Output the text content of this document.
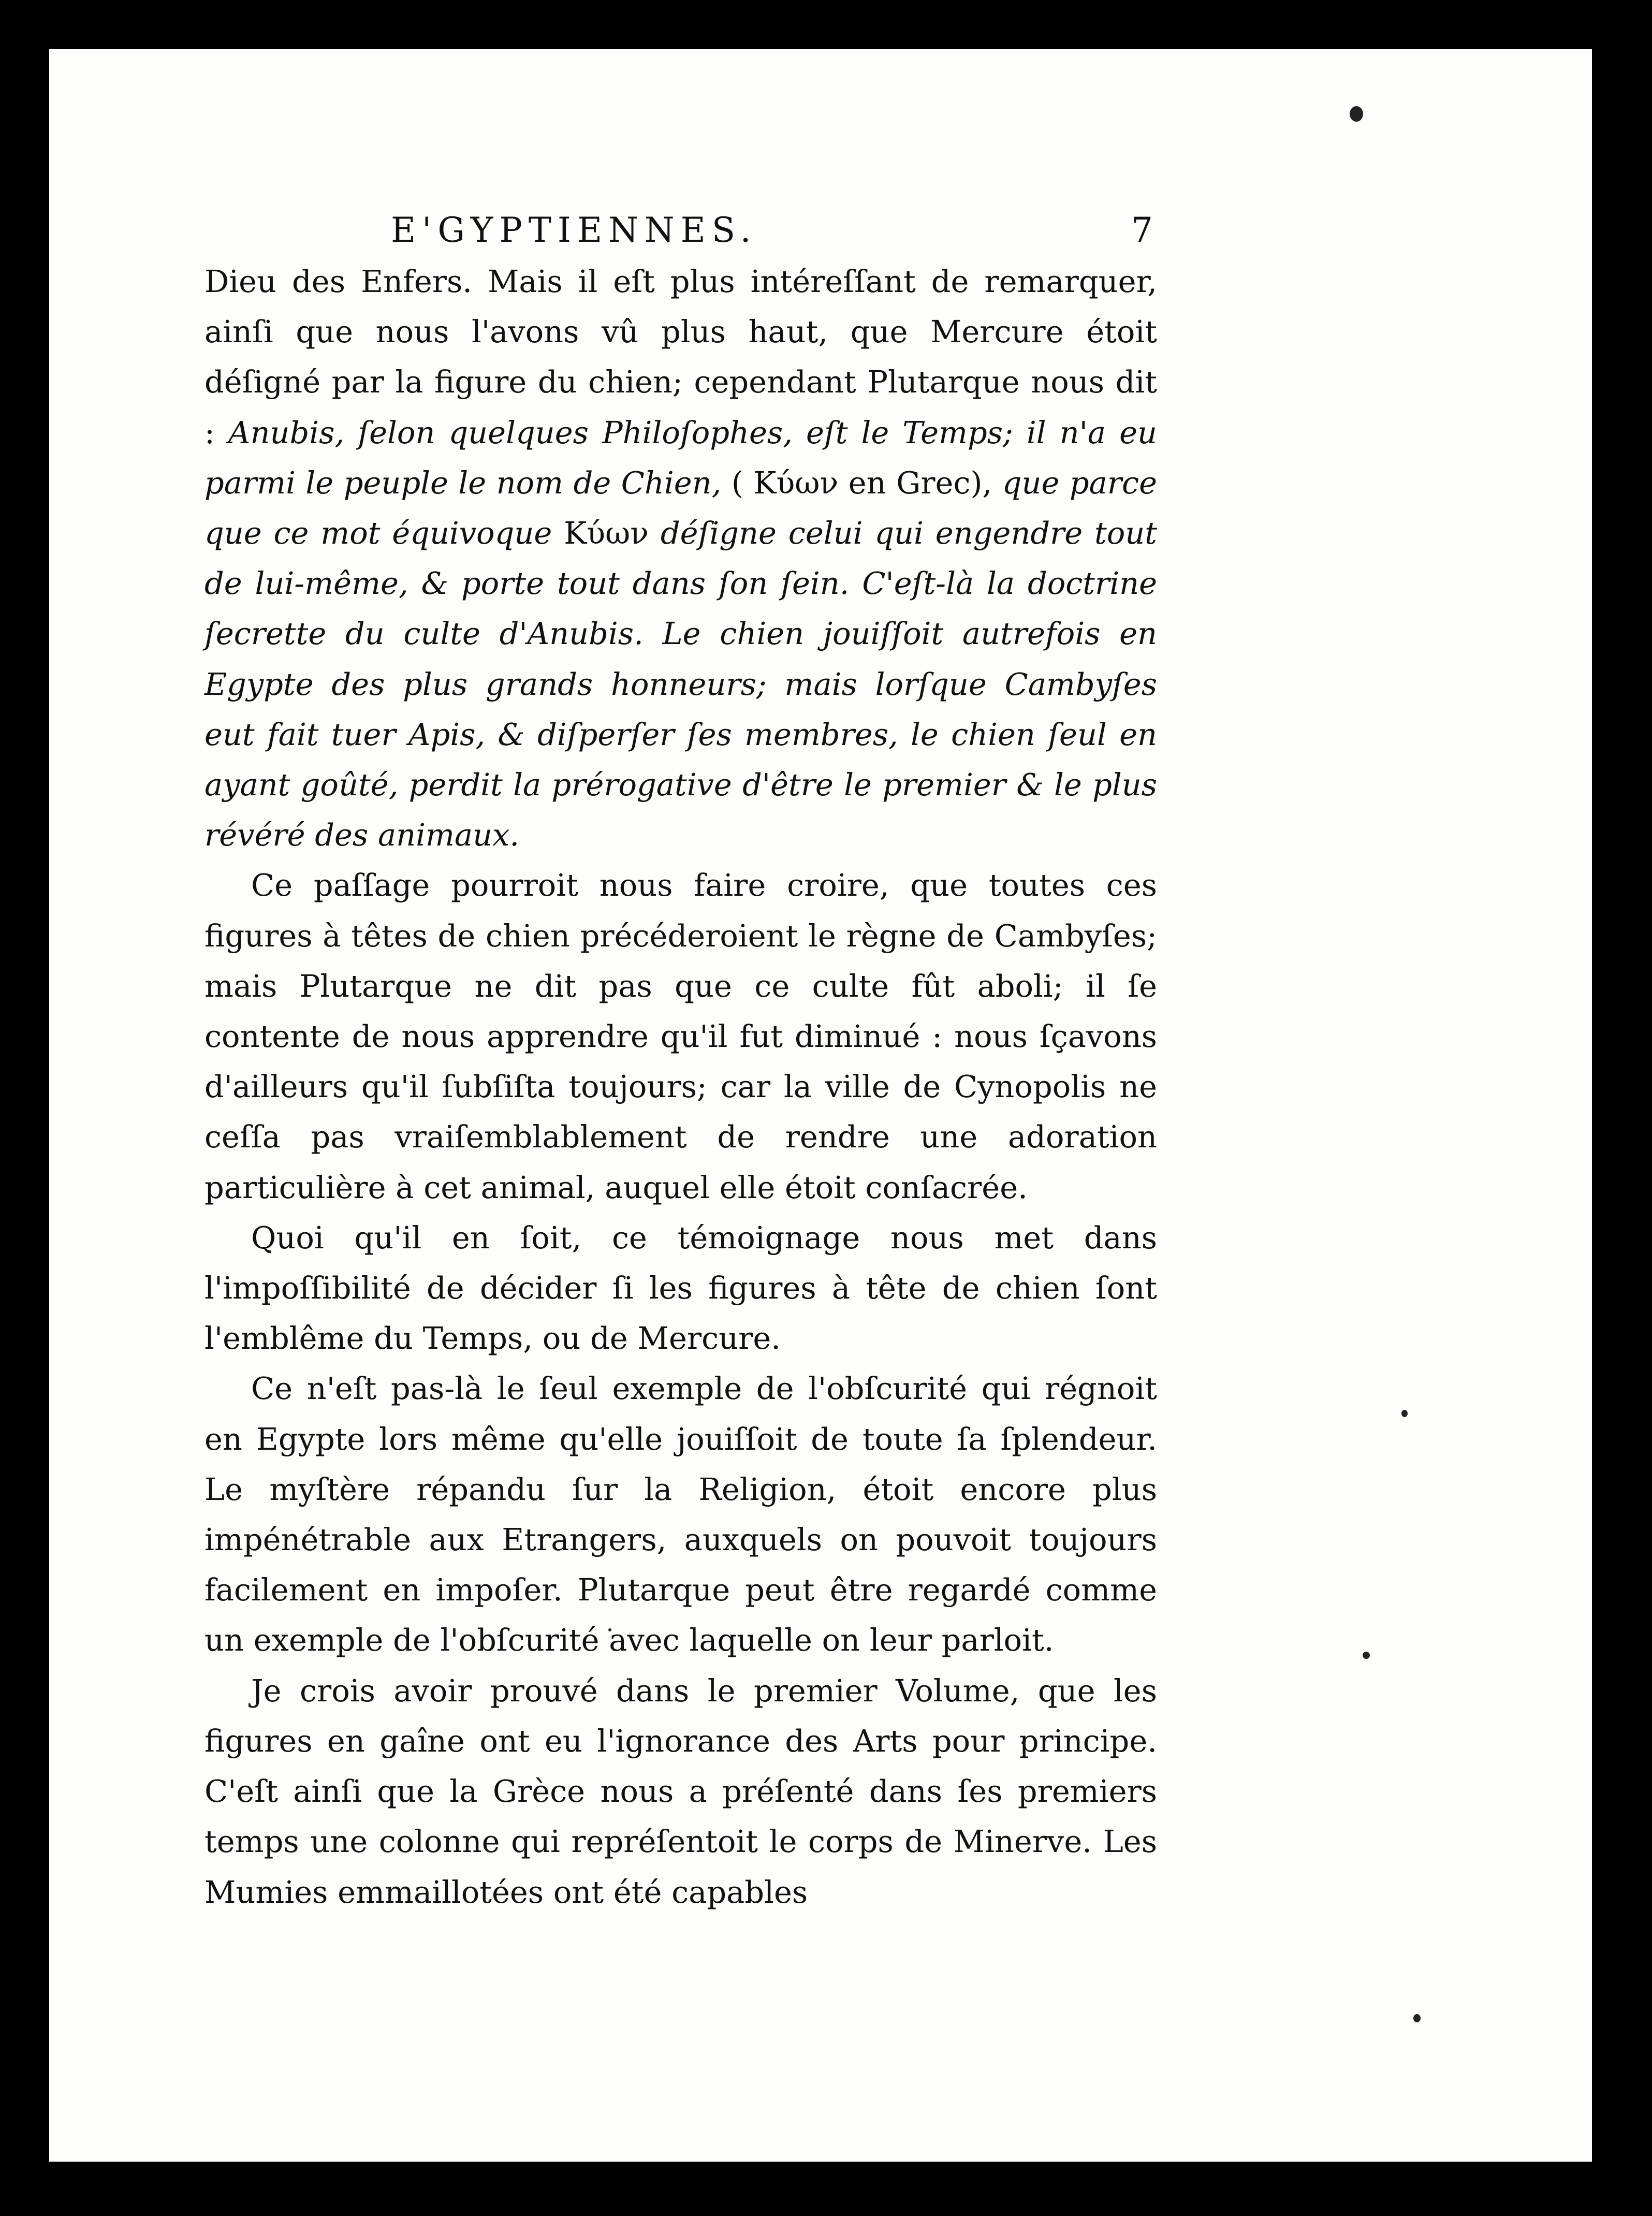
E'GYPTIENNES.	7

Dieu des Enfers. Mais il eſt plus intéreſſant de remarquer, ainſi que nous l'avons vû plus haut, que Mercure étoit déſigné par la figure du chien; cependant Plutarque nous dit : Anubis, ſelon quelques Philoſophes, eſt le Temps; il n'a eu parmi le peuple le nom de Chien, ( Κύων en Grec), que parce que ce mot équivoque Κύων déſigne celui qui engendre tout de lui-même, & porte tout dans ſon ſein. C'eſt-là la doctrine ſecrette du culte d'Anubis. Le chien jouiſſoit autrefois en Egypte des plus grands honneurs; mais lorſque Cambyſes eut fait tuer Apis, & diſperſer ſes membres, le chien ſeul en ayant goûté, perdit la prérogative d'être le premier & le plus révéré des animaux.

Ce paſſage pourroit nous faire croire, que toutes ces figures à têtes de chien précéderoient le règne de Cambyſes; mais Plutarque ne dit pas que ce culte fût aboli; il ſe contente de nous apprendre qu'il fut diminué : nous ſçavons d'ailleurs qu'il ſubſiſta toujours; car la ville de Cynopolis ne ceſſa pas vraiſemblablement de rendre une adoration particulière à cet animal, auquel elle étoit conſacrée.

Quoi qu'il en ſoit, ce témoignage nous met dans l'impoſſibilité de décider ſi les figures à tête de chien ſont l'emblême du Temps, ou de Mercure.

Ce n'eſt pas-là le ſeul exemple de l'obſcurité qui régnoit en Egypte lors même qu'elle jouiſſoit de toute ſa ſplendeur. Le myſtère répandu ſur la Religion, étoit encore plus impénétrable aux Etrangers, auxquels on pouvoit toujours facilement en impoſer. Plutarque peut être regardé comme un exemple de l'obſcurité avec laquelle on leur parloit.

Je crois avoir prouvé dans le premier Volume, que les figures en gaîne ont eu l'ignorance des Arts pour principe. C'eſt ainſi que la Grèce nous a préſenté dans ſes premiers temps une colonne qui repréſentoit le corps de Minerve. Les Mumies emmaillotées ont été capables
